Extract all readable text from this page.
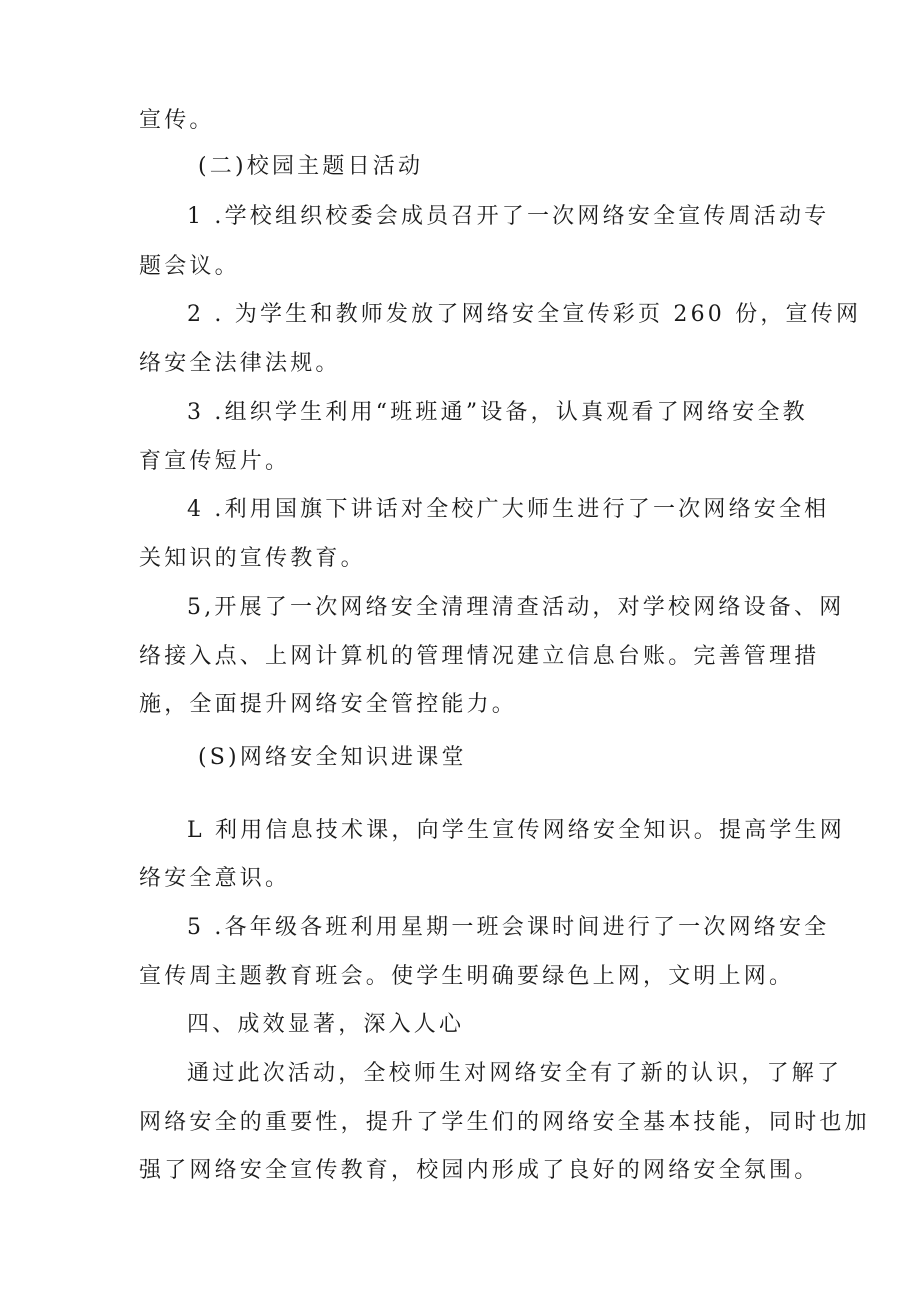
宣传。
(二)校园主题日活动
1 .学校组织校委会成员召开了一次网络安全宣传周活动专
题会议。
2 . 为学生和教师发放了网络安全宣传彩页 260 份，宣传网
络安全法律法规。
3 .组织学生利用“班班通”设备，认真观看了网络安全教
育宣传短片。
4 .利用国旗下讲话对全校广大师生进行了一次网络安全相
关知识的宣传教育。
5,开展了一次网络安全清理清查活动，对学校网络设备、网
络接入点、上网计算机的管理情况建立信息台账。完善管理措
施，全面提升网络安全管控能力。
(S)网络安全知识进课堂
L 利用信息技术课，向学生宣传网络安全知识。提高学生网
络安全意识。
5 .各年级各班利用星期一班会课时间进行了一次网络安全
宣传周主题教育班会。使学生明确要绿色上网，文明上网。
四、成效显著，深入人心
通过此次活动，全校师生对网络安全有了新的认识，了解了
网络安全的重要性，提升了学生们的网络安全基本技能，同时也加
强了网络安全宣传教育，校园内形成了良好的网络安全氛围。
